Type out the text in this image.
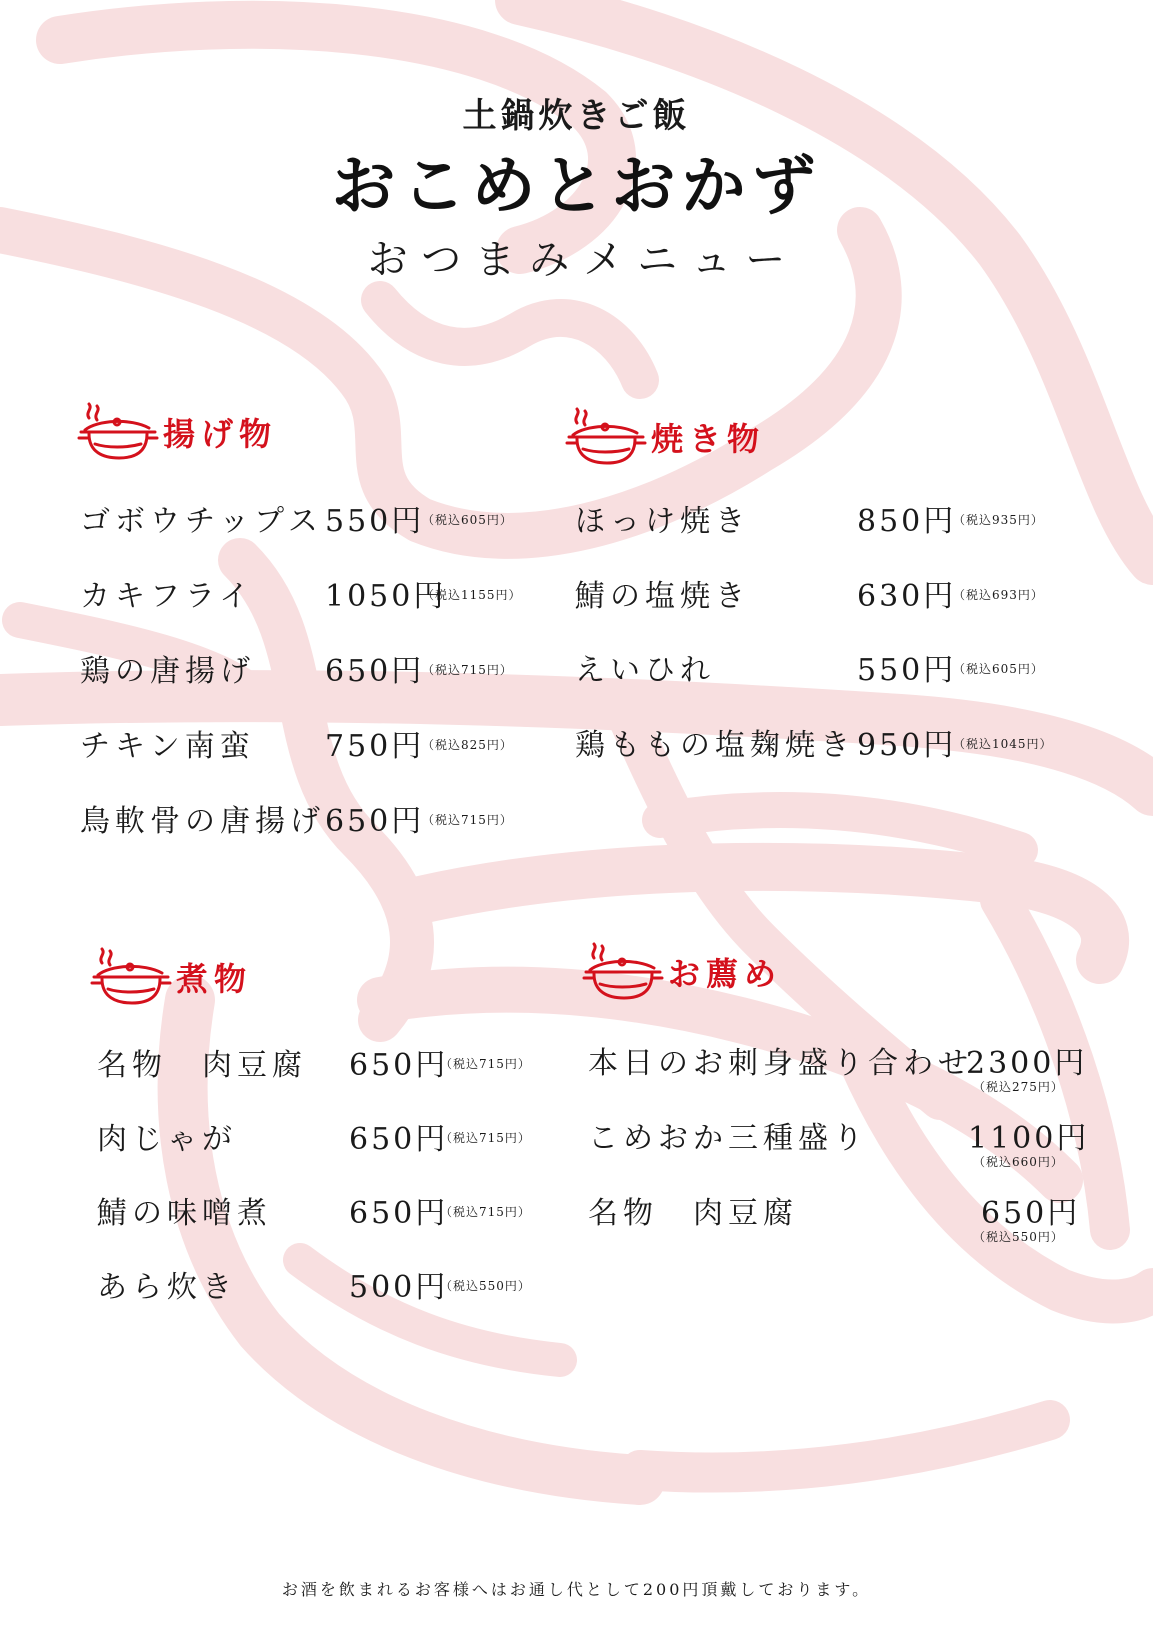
土鍋炊きご飯
おこめとおかず
おつまみメニュー
揚げ物	焼き物
煮物	お薦め
ゴボウチップス 550円
（税込605円）
カキフライ 1050円
（税込1155円）
鶏の唐揚げ 650円
（税込715円）
チキン南蛮 750円
（税込825円）
鳥軟骨の唐揚げ 650円
（税込715円）
ほっけ焼き	850円
（税込935円）
鯖の塩焼き	630円
（税込693円）
えいひれ	550円
（税込605円）
鶏ももの塩麹焼き 950円
（税込1045円）
名物　肉豆腐 650円
（税込715円）
肉じゃが	650円
（税込715円）
鯖の味噌煮	650円
（税込715円）
あら炊き	500円
（税込550円）
本日のお刺身盛り合わせ
2300円
（税込275円）
こめおか三種盛り	1100円
（税込660円）
名物　肉豆腐	650円
（税込550円）
お酒を飲まれるお客様へはお通し代として200円頂戴しております。
